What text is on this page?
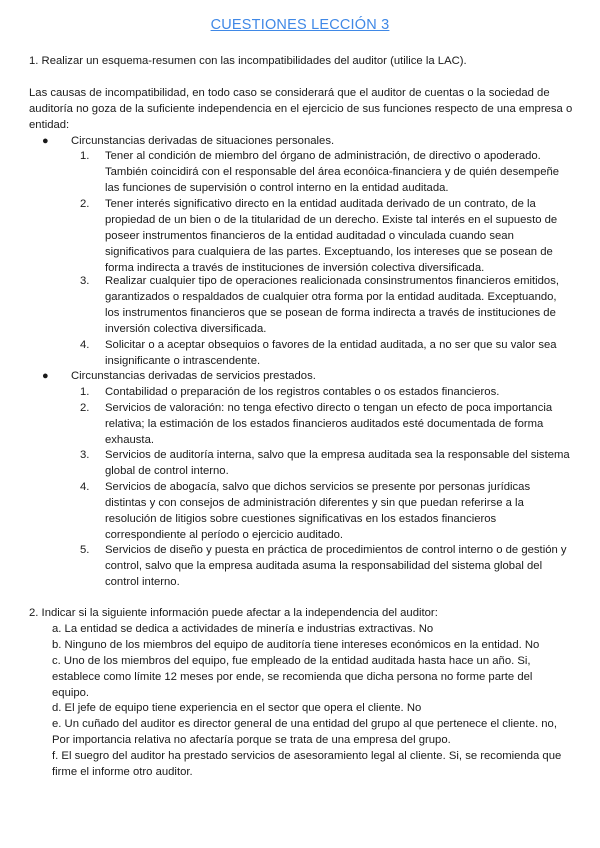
CUESTIONES LECCIÓN 3
1. Realizar un esquema-resumen con las incompatibilidades del auditor (utilice la LAC).
Las causas de incompatibilidad, en todo caso se considerará que el auditor de cuentas o la sociedad de auditoría no goza de la suficiente independencia en el ejercicio de sus funciones respecto de una empresa o entidad:
● Circunstancias derivadas de situaciones personales.
1.	Tener al condición de miembro del órgano de administración, de directivo o apoderado. También coincidirá con el responsable del área econóica-financiera y de quién desempeñe las funciones de supervisión o control interno en la entidad auditada.
2.	Tener interés significativo directo en la entidad auditada derivado de un contrato, de la propiedad de un bien o de la titularidad de un derecho. Existe tal interés en el supuesto de poseer instrumentos financieros de la entidad auditadad o vinculada cuando sean significativos para cualquiera de las partes. Exceptuando, los intereses que se posean de forma indirecta a través de instituciones de inversión colectiva diversificada.
3.	Realizar cualquier tipo de operaciones realicionada consinstrumentos financieros emitidos, garantizados o respaldados de cualquier otra forma por la entidad auditada. Exceptuando, los instrumentos financieros que se posean de forma indirecta a través de instituciones de inversión colectiva diversificada.
4.	Solicitar o a aceptar obsequios o favores de la entidad auditada, a no ser que su valor sea insignificante o intrascendente.
● Circunstancias derivadas de servicios prestados.
1.	Contabilidad o preparación de los registros contables o os estados financieros.
2.	Servicios de valoración: no tenga efectivo directo o tengan un efecto de poca importancia relativa; la estimación de los estados financieros auditados esté documentada de forma exhausta.
3.	Servicios de auditoría interna, salvo que la empresa auditada sea la responsable del sistema global de control interno.
4.	Servicios de abogacía, salvo que dichos servicios se presente por personas jurídicas distintas y con consejos de administración diferentes y sin que puedan referirse a la resolución de litigios sobre cuestiones significativas en los estados financieros correspondiente al período o ejercicio auditado.
5.	Servicios de diseño y puesta en práctica de procedimientos de control interno o de gestión y control, salvo que la empresa auditada asuma la responsabilidad del sistema global del control interno.
2. Indicar si la siguiente información puede afectar a la independencia del auditor:
a. La entidad se dedica a actividades de minería e industrias extractivas. No
b. Ninguno de los miembros del equipo de auditoría tiene intereses económicos en la entidad. No
c. Uno de los miembros del equipo, fue empleado de la entidad auditada hasta hace un año. Si, establece como límite 12 meses por ende, se recomienda que dicha persona no forme parte del equipo.
d. El jefe de equipo tiene experiencia en el sector que opera el cliente. No
e. Un cuñado del auditor es director general de una entidad del grupo al que pertenece el cliente. no, Por importancia relativa no afectaría porque se trata de una empresa del grupo.
f. El suegro del auditor ha prestado servicios de asesoramiento legal al cliente. Si, se recomienda que firme el informe otro auditor.
